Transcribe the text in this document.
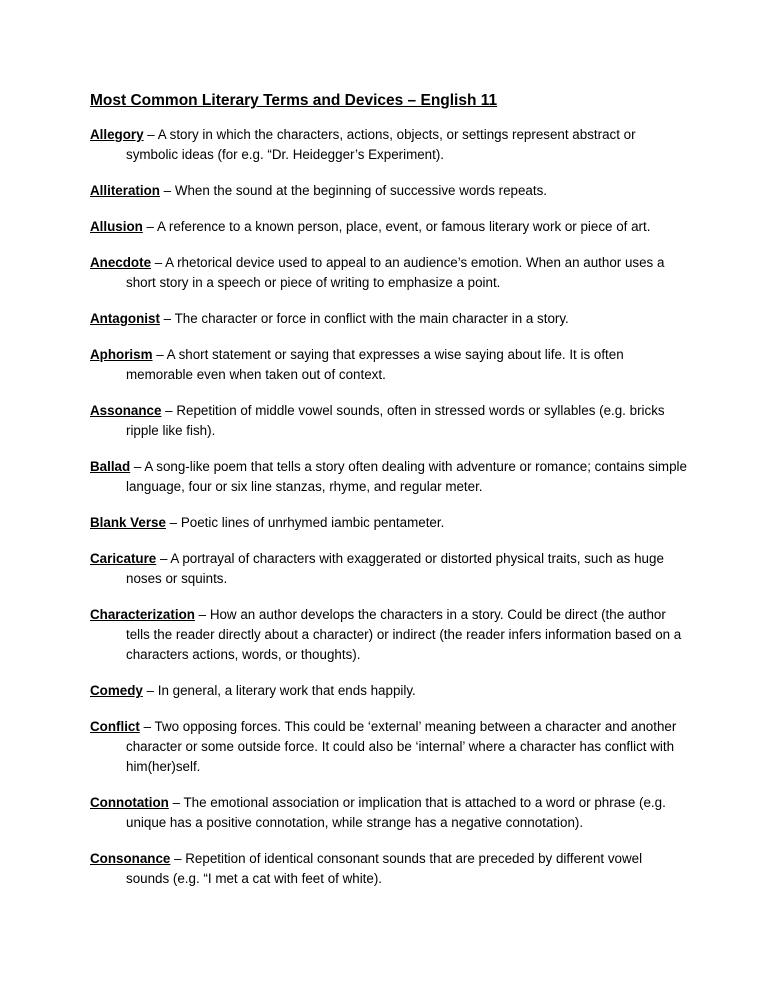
Most Common Literary Terms and Devices – English 11
Allegory – A story in which the characters, actions, objects, or settings represent abstract or symbolic ideas (for e.g. “Dr. Heidegger’s Experiment).
Alliteration – When the sound at the beginning of successive words repeats.
Allusion – A reference to a known person, place, event, or famous literary work or piece of art.
Anecdote – A rhetorical device used to appeal to an audience’s emotion. When an author uses a short story in a speech or piece of writing to emphasize a point.
Antagonist – The character or force in conflict with the main character in a story.
Aphorism – A short statement or saying that expresses a wise saying about life. It is often memorable even when taken out of context.
Assonance – Repetition of middle vowel sounds, often in stressed words or syllables (e.g. bricks ripple like fish).
Ballad – A song-like poem that tells a story often dealing with adventure or romance; contains simple language, four or six line stanzas, rhyme, and regular meter.
Blank Verse – Poetic lines of unrhymed iambic pentameter.
Caricature – A portrayal of characters with exaggerated or distorted physical traits, such as huge noses or squints.
Characterization – How an author develops the characters in a story. Could be direct (the author tells the reader directly about a character) or indirect (the reader infers information based on a characters actions, words, or thoughts).
Comedy – In general, a literary work that ends happily.
Conflict – Two opposing forces. This could be ‘external’ meaning between a character and another character or some outside force. It could also be ‘internal’ where a character has conflict with him(her)self.
Connotation – The emotional association or implication that is attached to a word or phrase (e.g. unique has a positive connotation, while strange has a negative connotation).
Consonance – Repetition of identical consonant sounds that are preceded by different vowel sounds (e.g. “I met a cat with feet of white).
